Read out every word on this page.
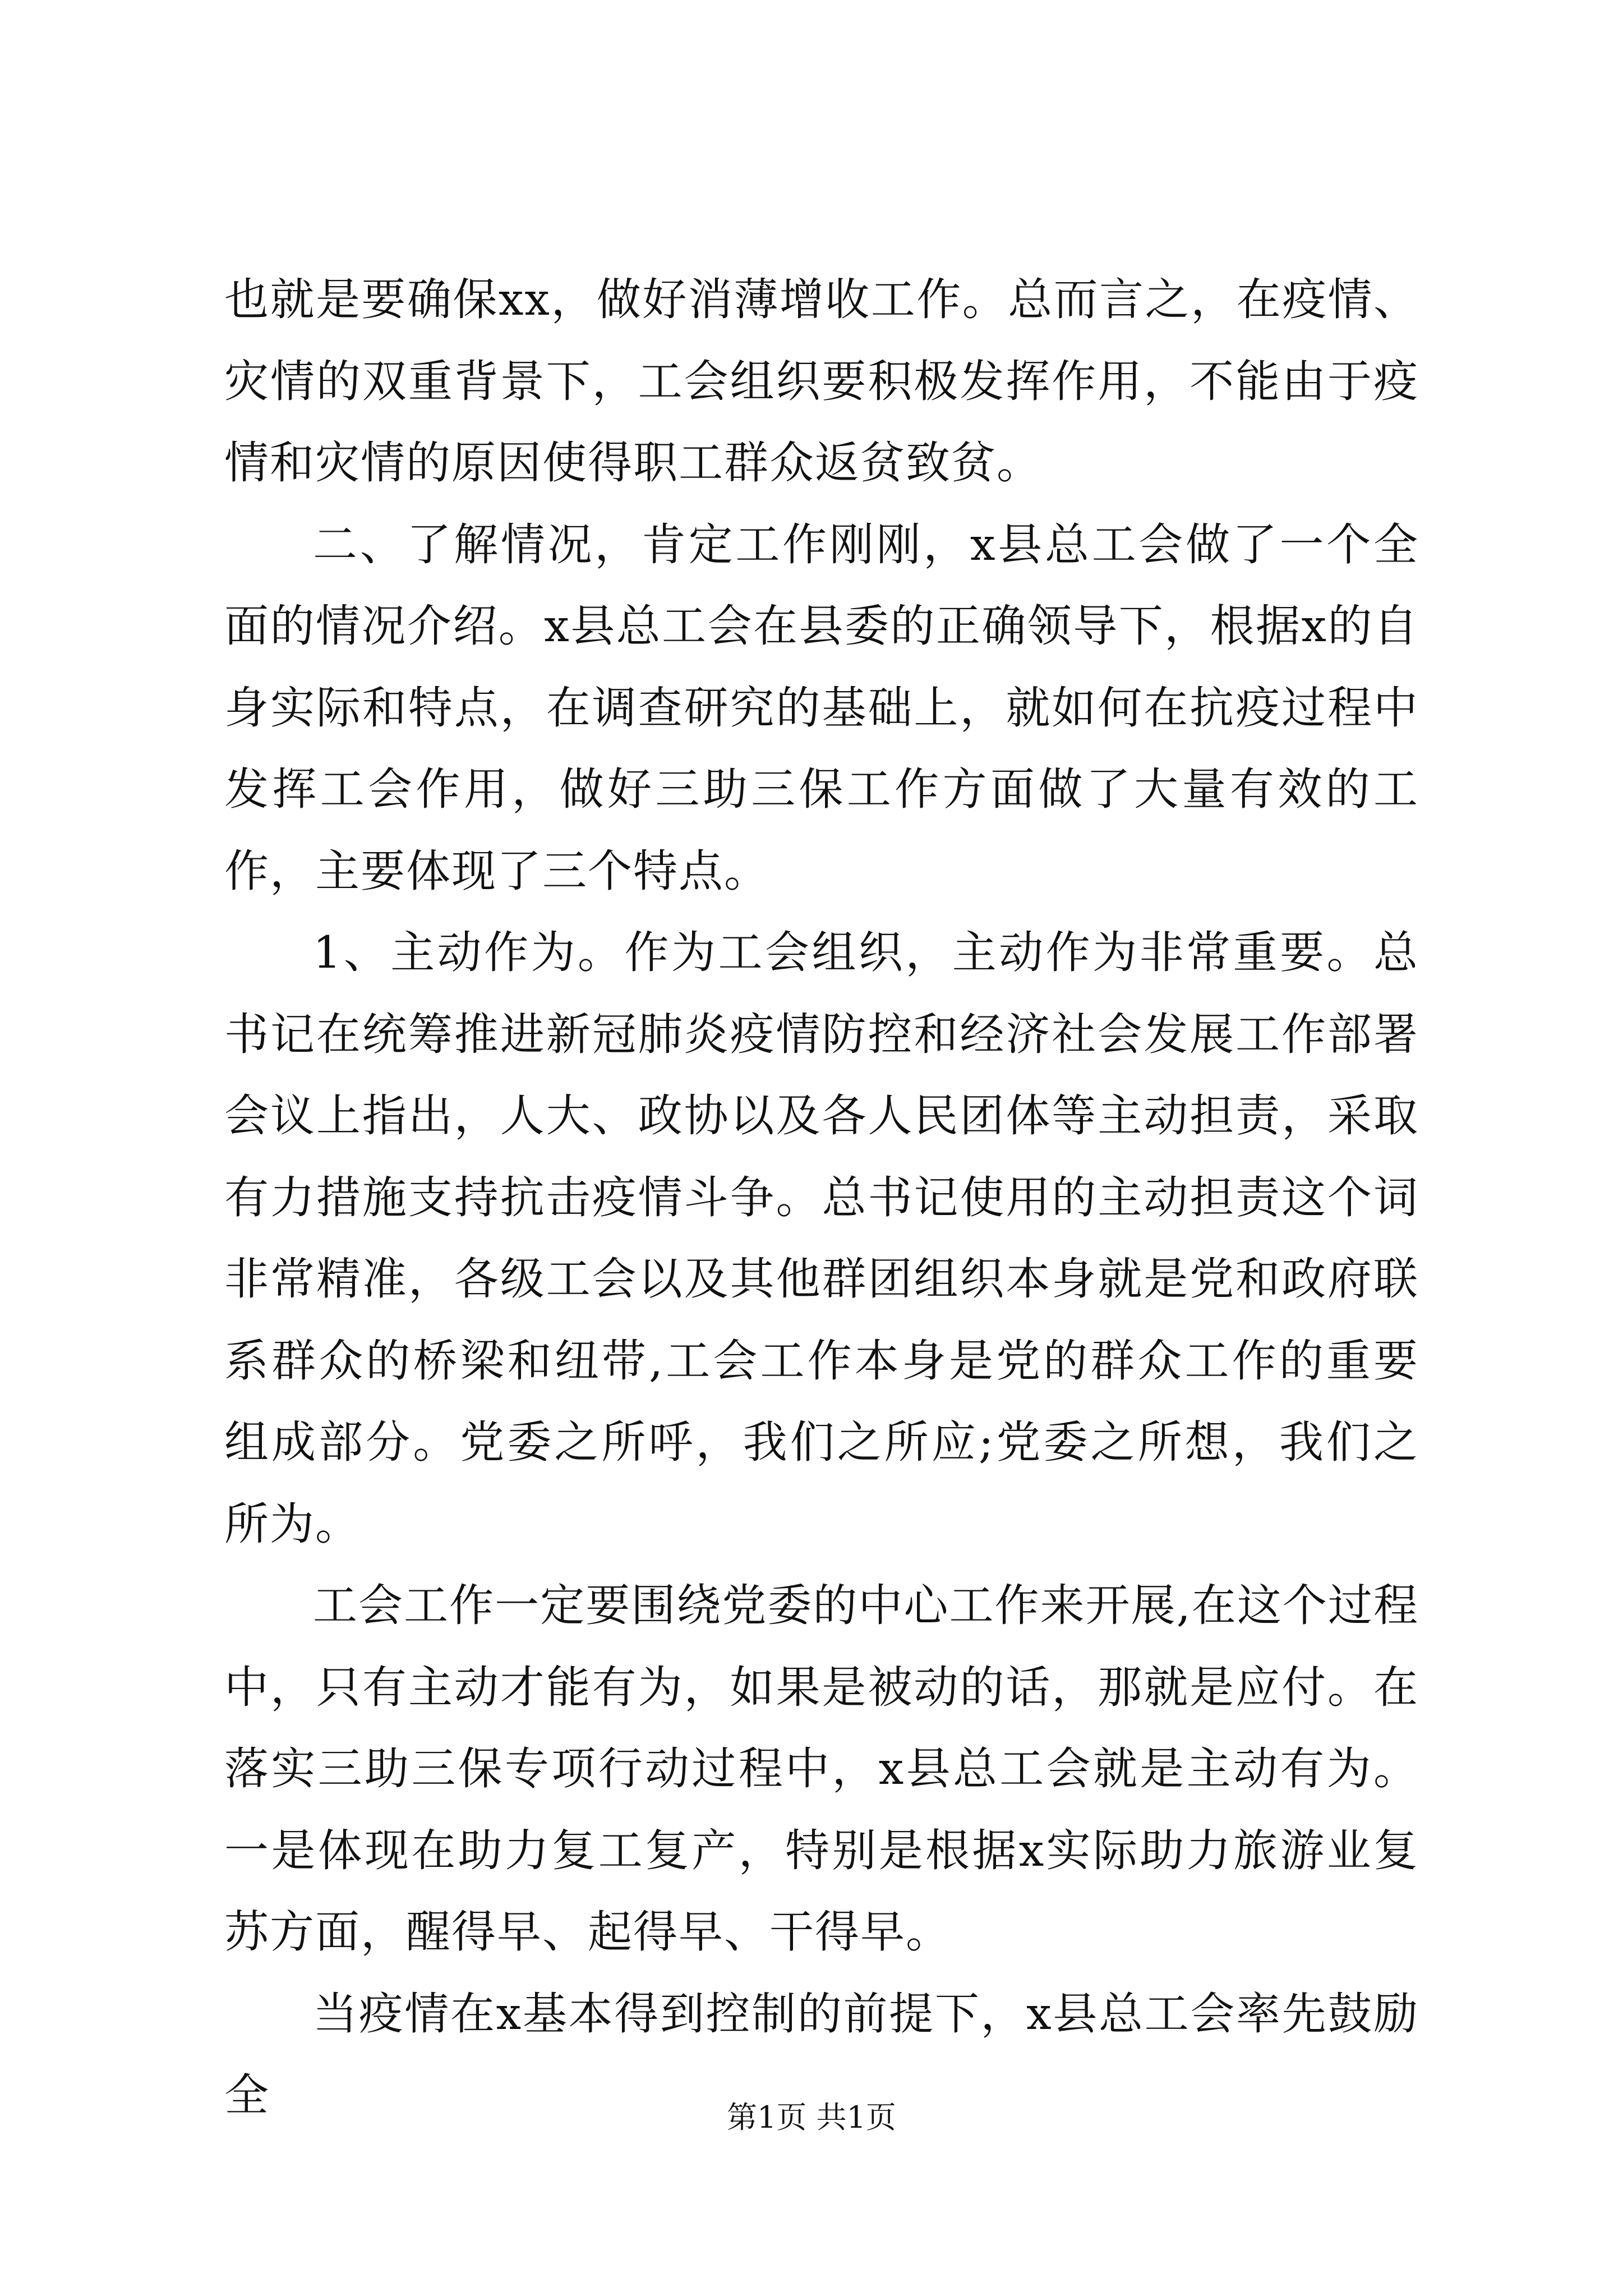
也就是要确保xx，做好消薄增收工作。总而言之，在疫情、灾情的双重背景下，工会组织要积极发挥作用，不能由于疫情和灾情的原因使得职工群众返贫致贫。

二、了解情况，肯定工作刚刚，x县总工会做了一个全面的情况介绍。x县总工会在县委的正确领导下，根据x的自身实际和特点，在调查研究的基础上，就如何在抗疫过程中发挥工会作用，做好三助三保工作方面做了大量有效的工作，主要体现了三个特点。

1、主动作为。作为工会组织，主动作为非常重要。总书记在统筹推进新冠肺炎疫情防控和经济社会发展工作部署会议上指出，人大、政协以及各人民团体等主动担责，采取有力措施支持抗击疫情斗争。总书记使用的主动担责这个词非常精准，各级工会以及其他群团组织本身就是党和政府联系群众的桥梁和纽带,工会工作本身是党的群众工作的重要组成部分。党委之所呼，我们之所应;党委之所想，我们之所为。

工会工作一定要围绕党委的中心工作来开展,在这个过程中，只有主动才能有为，如果是被动的话，那就是应付。在落实三助三保专项行动过程中，x县总工会就是主动有为。一是体现在助力复工复产，特别是根据x实际助力旅游业复苏方面，醒得早、起得早、干得早。

当疫情在x基本得到控制的前提下，x县总工会率先鼓励全	第1页 共1页
